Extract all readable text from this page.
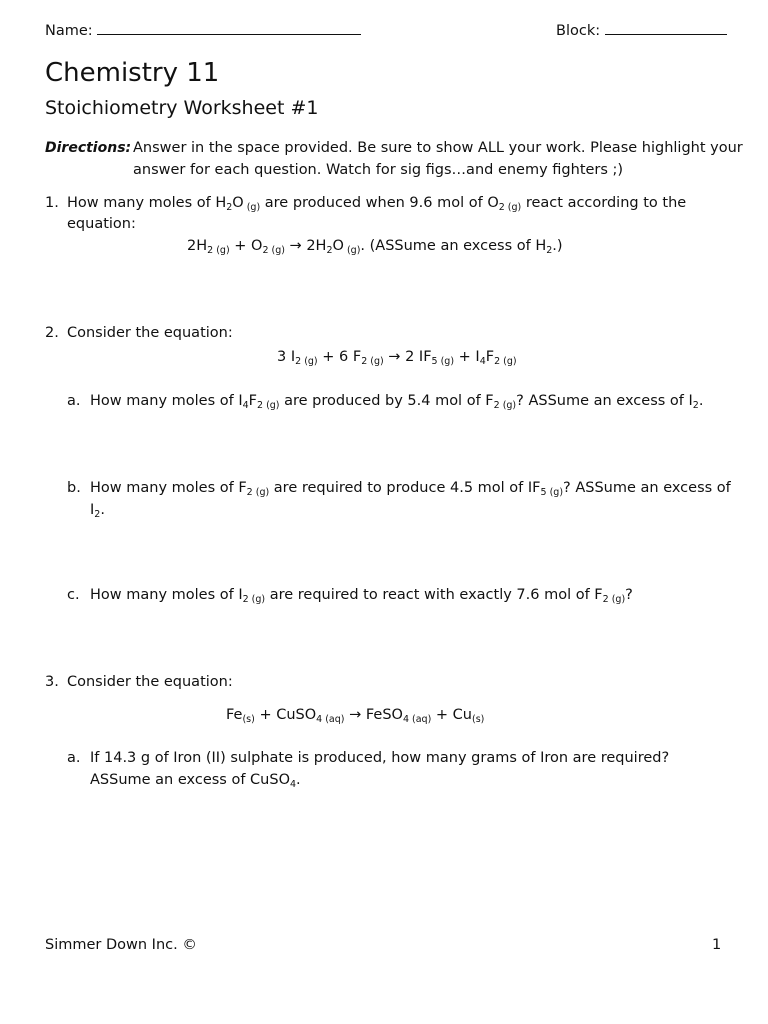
Name:	Block:
Chemistry 11
Stoichiometry Worksheet #1
Directions: Answer in the space provided. Be sure to show ALL your work. Please highlight your
answer for each question. Watch for sig figs…and enemy fighters ;)
1. How many moles of $H_2O$ $_{(g)}$ are produced when 9.6 mol of $O_{2 (g)}$ react according to the
equation:
$2H_{2 (g)} + O_{2 (g)} \to 2H_2O$ $_{(g)}$. (ASSume an excess of $H_2$.)
2. Consider the equation:
3 $I_{2 (g)} + 6$ $F_{2 (g)} \to 2$ $IF_{5 (g)} + I_4F_{2 (g)}$
a. How many moles of $I_4F_{2 (g)}$ are produced by 5.4 mol of $F_{2 (g)}$? ASSume an excess of $I_2$.
b. How many moles of $F_{2 (g)}$ are required to produce 4.5 mol of $IF_{5 (g)}$? ASSume an excess of
$I_2$.
c. How many moles of $I_{2 (g)}$ are required to react with exactly 7.6 mol of $F_{2 (g)}$?
3. Consider the equation:
$Fe_{(s)}$ + CuSO$_{4 (aq)}$ → FeSO$_{4 (aq)}$ + $Cu_{(s)}$
a. If 14.3 g of Iron (II) sulphate is produced, how many grams of Iron are required?
ASSume an excess of CuSO$_4$.
Simmer Down Inc. ©	1
